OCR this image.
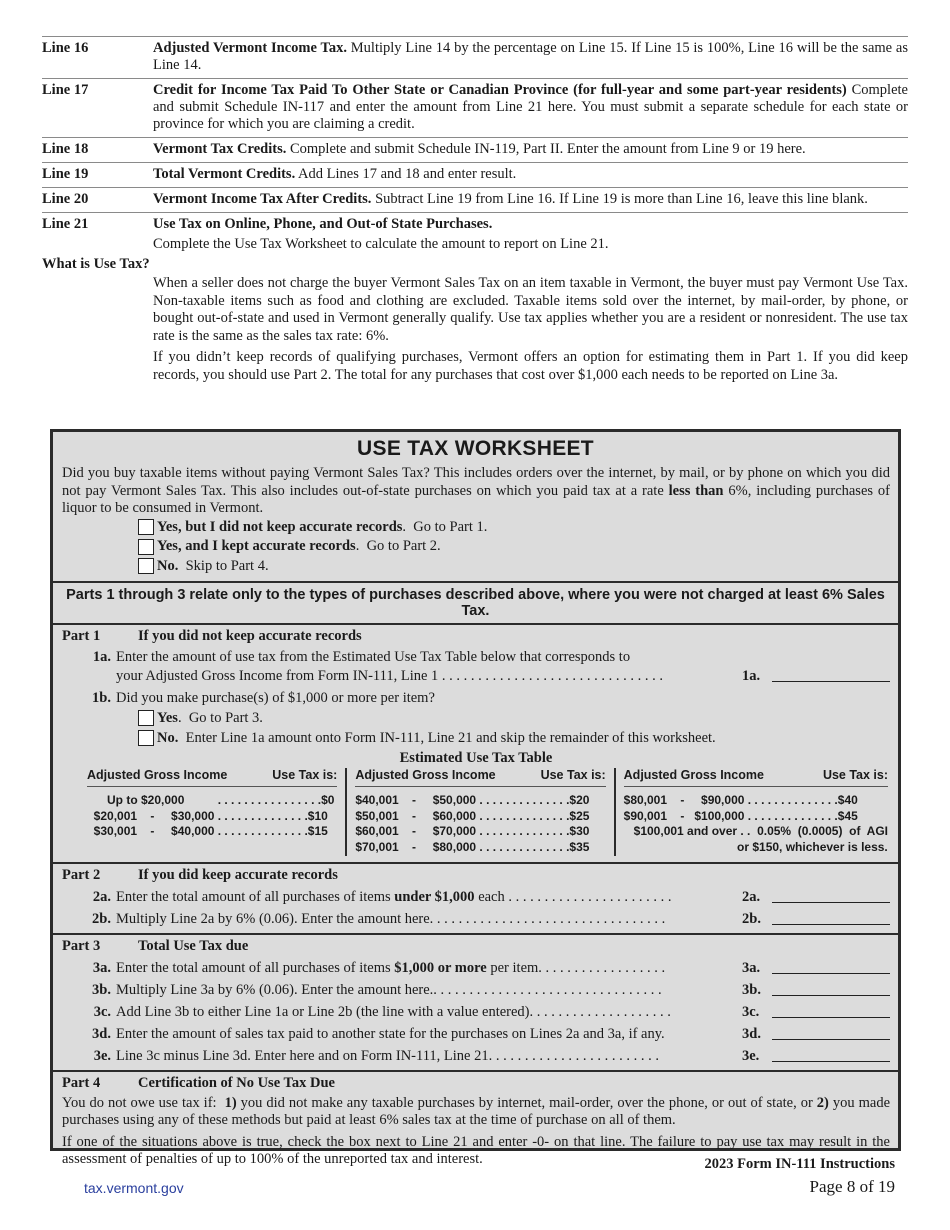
Line 16	Adjusted Vermont Income Tax. Multiply Line 14 by the percentage on Line 15. If Line 15 is 100%, Line 16 will be the same as Line 14.
Line 17	Credit for Income Tax Paid To Other State or Canadian Province (for full-year and some part-year residents) Complete and submit Schedule IN-117 and enter the amount from Line 21 here. You must submit a separate schedule for each state or province for which you are claiming a credit.
Line 18	Vermont Tax Credits. Complete and submit Schedule IN-119, Part II. Enter the amount from Line 9 or 19 here.
Line 19	Total Vermont Credits. Add Lines 17 and 18 and enter result.
Line 20	Vermont Income Tax After Credits. Subtract Line 19 from Line 16. If Line 19 is more than Line 16, leave this line blank.
Line 21	Use Tax on Online, Phone, and Out-of State Purchases.
Complete the Use Tax Worksheet to calculate the amount to report on Line 21.
What is Use Tax?
When a seller does not charge the buyer Vermont Sales Tax on an item taxable in Vermont, the buyer must pay Vermont Use Tax. Non-taxable items such as food and clothing are excluded. Taxable items sold over the internet, by mail-order, by phone, or bought out-of-state and used in Vermont generally qualify. Use tax applies whether you are a resident or nonresident. The use tax rate is the same as the sales tax rate: 6%.
If you didn’t keep records of qualifying purchases, Vermont offers an option for estimating them in Part 1. If you did keep records, you should use Part 2. The total for any purchases that cost over $1,000 each needs to be reported on Line 3a.
USE TAX WORKSHEET
Did you buy taxable items without paying Vermont Sales Tax? This includes orders over the internet, by mail, or by phone on which you did not pay Vermont Sales Tax. This also includes out-of-state purchases on which you paid tax at a rate less than 6%, including purchases of liquor to be consumed in Vermont.
Yes, but I did not keep accurate records .  Go to Part 1.
Yes, and I kept accurate records .  Go to Part 2.
No. Skip to Part 4.
Parts 1 through 3 relate only to the types of purchases described above, where you were not charged at least 6% Sales Tax.
Part 1	If you did not keep accurate records
1a. Enter the amount of use tax from the Estimated Use Tax Table below that corresponds to
your Adjusted Gross Income from Form IN-111, Line 1 . . . . . . . . . . . . . . . . . . . . . . . . . . . . . . .	1a.
1b. Did you make purchase(s) of $1,000 or more per item?
Yes .  Go to Part 3.
No. Enter Line 1a amount onto Form IN-111, Line 21 and skip the remainder of this worksheet.
Estimated Use Tax Table
Adjusted Gross Income	Use Tax is:
Up to $20,000          . . . . . . . . . . . . . . . .$0
$20,001    -     $30,000 . . . . . . . . . . . . . .$10
$30,001    -     $40,000 . . . . . . . . . . . . . .$15
Adjusted Gross Income	Use Tax is:
$40,001    -     $50,000 . . . . . . . . . . . . . .$20
$50,001    -     $60,000 . . . . . . . . . . . . . .$25
$60,001    -     $70,000 . . . . . . . . . . . . . .$30
$70,001    -     $80,000 . . . . . . . . . . . . . .$35
Adjusted Gross Income	Use Tax is:
$80,001    -     $90,000 . . . . . . . . . . . . . .$40
$90,001    -   $100,000 . . . . . . . . . . . . . .$45
$100,001 and over . .  0.05%  (0.0005)  of  AGI
or $150, whichever is less.
Part 2	If you did keep accurate records
2a. Enter the total amount of all purchases of items under $1,000 each . . . . . . . . . . . . . . . . . . . . . . .	2a.
2b. Multiply Line 2a by 6% (0.06). Enter the amount here. . . . . . . . . . . . . . . . . . . . . . . . . . . . . . . . .	2b.
Part 3	Total Use Tax due
3a. Enter the total amount of all purchases of items $1,000 or more per item. . . . . . . . . . . . . . . . . .	3a.
3b. Multiply Line 3a by 6% (0.06). Enter the amount here.. . . . . . . . . . . . . . . . . . . . . . . . . . . . . . . .	3b.
3c. Add Line 3b to either Line 1a or Line 2b (the line with a value entered). . . . . . . . . . . . . . . . . . . .	3c.
3d. Enter the amount of sales tax paid to another state for the purchases on Lines 2a and 3a, if any.	3d.
3e. Line 3c minus Line 3d. Enter here and on Form IN-111, Line 21. . . . . . . . . . . . . . . . . . . . . . . .	3e.
Part 4	Certification of No Use Tax Due
You do not owe use tax if:  1) you did not make any taxable purchases by internet, mail-order, over the phone, or out of state, or 2) you made purchases using any of these methods but paid at least 6% sales tax at the time of purchase on all of them.
If one of the situations above is true, check the box next to Line 21 and enter -0- on that line. The failure to pay use tax may result in the assessment of penalties of up to 100% of the unreported tax and interest.	2023 Form IN-111 Instructions
Page 8 of 19
tax.vermont.gov
